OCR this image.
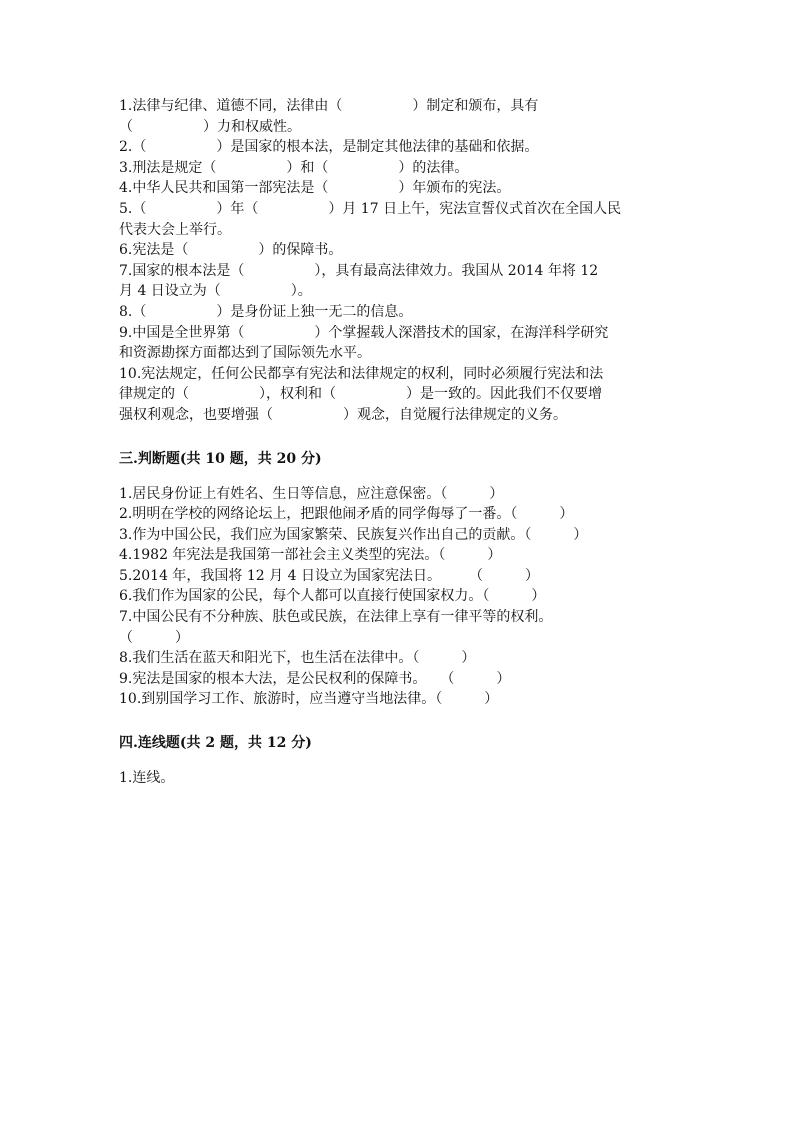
1.法律与纪律、道德不同，法律由（　　　　　）制定和颁布，具有

（　　　　　）力和权威性。

2.（　　　　　）是国家的根本法，是制定其他法律的基础和依据。

3.刑法是规定（　　　　　）和（　　　　　）的法律。

4.中华人民共和国第一部宪法是（　　　　　）年颁布的宪法。

5.（　　　　　）年（　　　　　）月 17 日上午，宪法宣誓仪式首次在全国人民

代表大会上举行。

6.宪法是（　　　　　）的保障书。

7.国家的根本法是（　　　　　），具有最高法律效力。我国从 2014 年将 12

月 4 日设立为（　　　　　）。

8.（　　　　　）是身份证上独一无二的信息。

9.中国是全世界第（　　　　　）个掌握载人深潜技术的国家，在海洋科学研究

和资源勘探方面都达到了国际领先水平。

10.宪法规定，任何公民都享有宪法和法律规定的权利，同时必须履行宪法和法

律规定的（　　　　　），权利和（　　　　　）是一致的。因此我们不仅要增

强权利观念，也要增强（　　　　　）观念，自觉履行法律规定的义务。

三.判断题(共 10 题，共 20 分)

1.居民身份证上有姓名、生日等信息，应注意保密。（　　　）

2.明明在学校的网络论坛上，把跟他闹矛盾的同学侮辱了一番。（　　　）

3.作为中国公民，我们应为国家繁荣、民族复兴作出自己的贡献。（　　　）

4.1982 年宪法是我国第一部社会主义类型的宪法。（　　　）

5.2014 年，我国将 12 月 4 日设立为国家宪法日。　　　（　　　）

6.我们作为国家的公民，每个人都可以直接行使国家权力。（　　　）

7.中国公民有不分种族、肤色或民族，在法律上享有一律平等的权利。

（　　　）

8.我们生活在蓝天和阳光下，也生活在法律中。（　　　）

9.宪法是国家的根本大法，是公民权利的保障书。　　（　　　）

10.到别国学习工作、旅游时，应当遵守当地法律。（　　　）

四.连线题(共 2 题，共 12 分)

1.连线。
